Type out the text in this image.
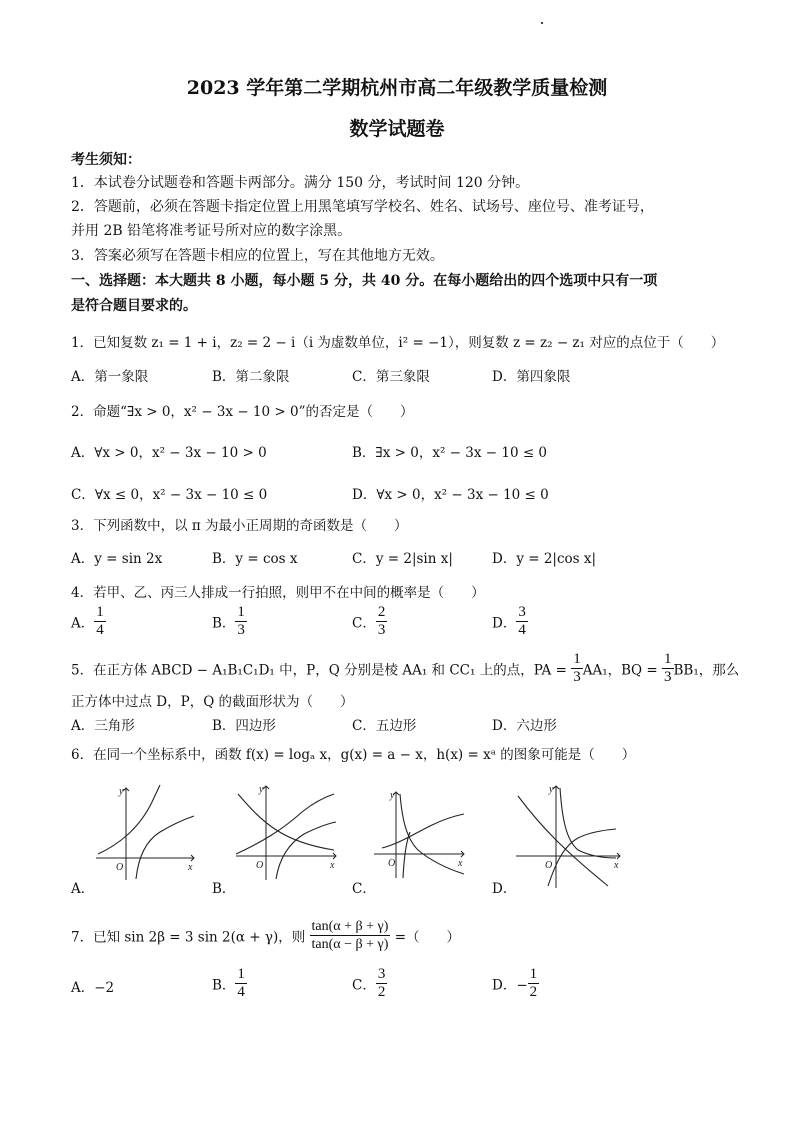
2023 学年第二学期杭州市高二年级教学质量检测
数学试题卷
考生须知：
1．本试卷分试题卷和答题卡两部分。满分 150 分，考试时间 120 分钟。
2．答题前，必须在答题卡指定位置上用黑笔填写学校名、姓名、试场号、座位号、准考证号，
并用 2B 铅笔将准考证号所对应的数字涂黑。
3．答案必须写在答题卡相应的位置上，写在其他地方无效。
一、选择题：本大题共 8 小题，每小题 5 分，共 40 分。在每小题给出的四个选项中只有一项
是符合题目要求的。
1．已知复数 z₁ = 1 + i，z₂ = 2 − i（i 为虚数单位，i² = −1），则复数 z = z₂ − z₁ 对应的点位于（　　）
A．第一象限	B．第二象限	C．第三象限	D．第四象限
2．命题“∃x > 0，x² − 3x − 10 > 0”的否定是（　　）
A．∀x > 0，x² − 3x − 10 > 0	B．∃x > 0，x² − 3x − 10 ≤ 0
C．∀x ≤ 0，x² − 3x − 10 ≤ 0	D．∀x > 0，x² − 3x − 10 ≤ 0
3．下列函数中，以 π 为最小正周期的奇函数是（　　）
A．y = sin 2x	B．y = cos x	C．y = 2|sin x|	D．y = 2|cos x|
4．若甲、乙、丙三人排成一行拍照，则甲不在中间的概率是（　　）
A． $\frac{1}{4}$	B． $\frac{1}{3}$	C． $\frac{2}{3}$	D． $\frac{3}{4}$
5．在正方体 ABCD − A₁B₁C₁D₁ 中，P，Q 分别是棱 AA₁ 和 CC₁ 上的点，PA = $\frac{1}{3} AA_1$，BQ = $\frac{1}{3} BB_1$，那么
正方体中过点 D，P，Q 的截面形状为（　　）
A．三角形	B．四边形	C．五边形	D．六边形
6．在同一个坐标系中，函数 f(x) = logₐ x，g(x) = a − x，h(x) = xᵃ 的图象可能是（　　）
y
x
O
A．
y
x
O
B．
y
x
O
C．
y
x
O
D．
7．已知 sin 2β = 3 sin 2(α + γ)，则 $\frac{\tan(\alpha + \beta + \gamma)}{\tan(\alpha - \beta + \gamma)}$ =（　　）
A．−2	B． $\frac{1}{4}$	C． $\frac{3}{2}$	D．− $\frac{1}{2}$
